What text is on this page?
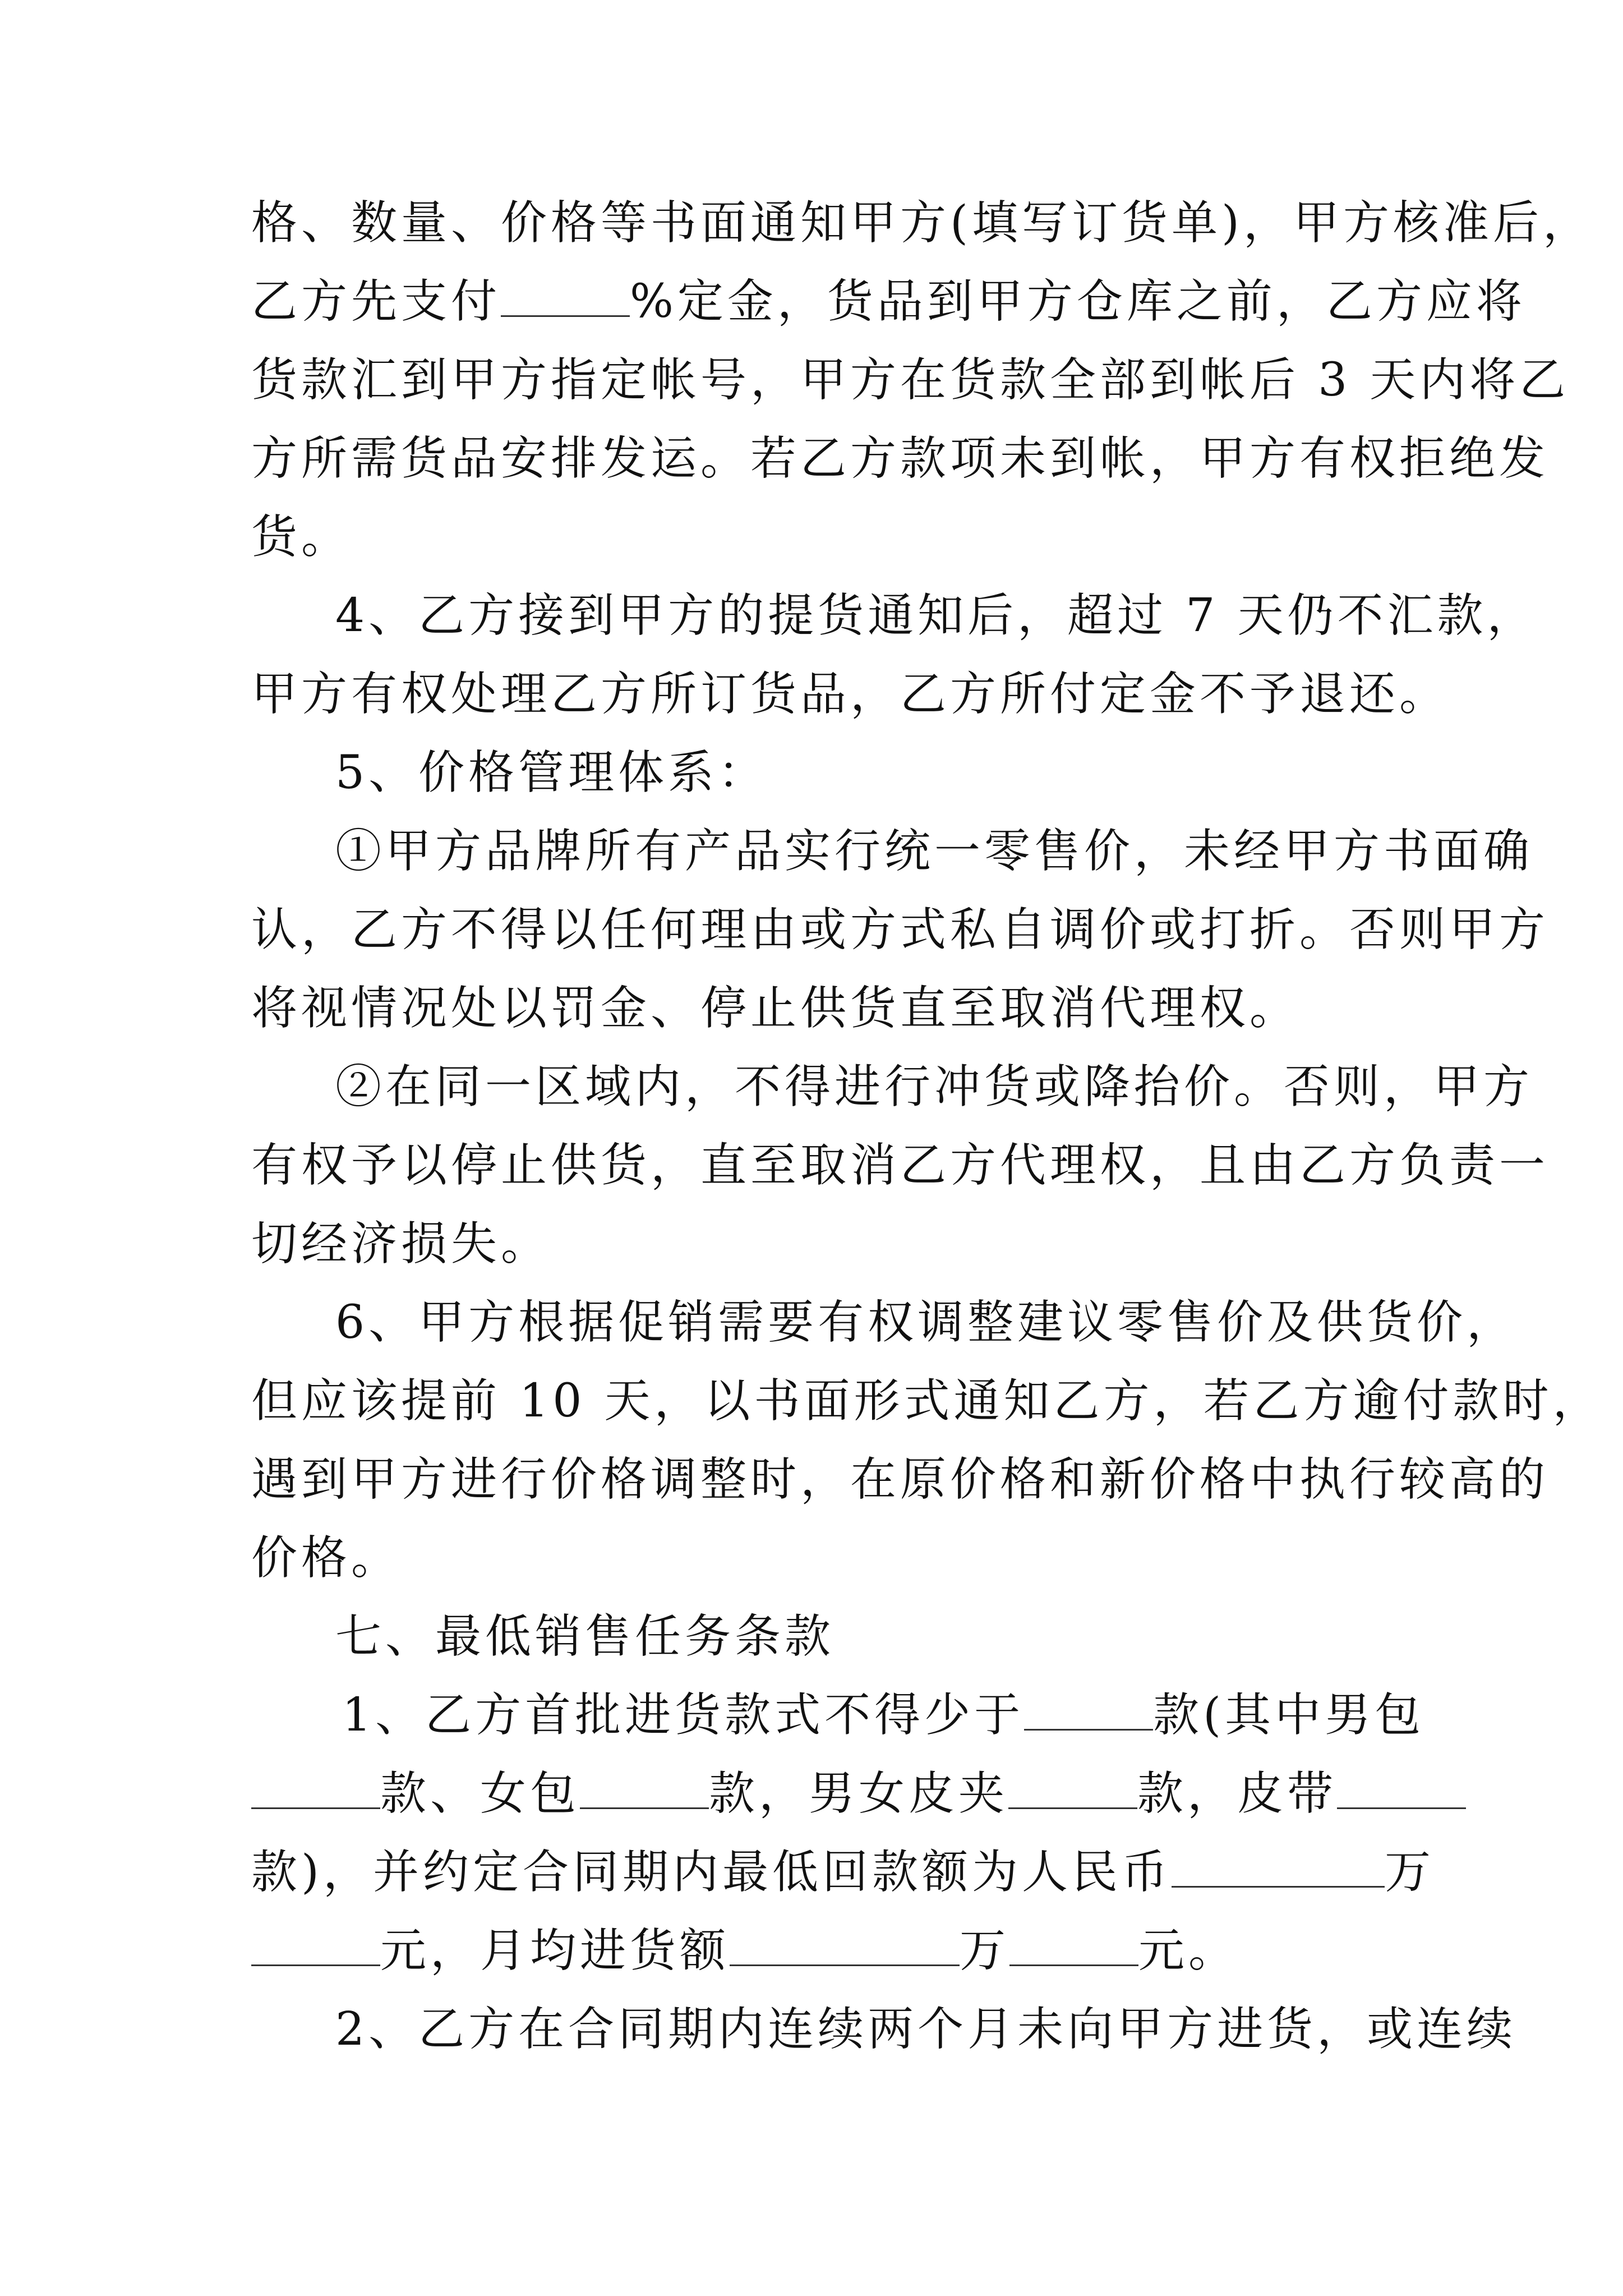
格、数量、价格等书面通知甲方(填写订货单)，甲方核准后，
乙方先支付	%定金，货品到甲方仓库之前，乙方应将
货款汇到甲方指定帐号，甲方在货款全部到帐后 3 天内将乙
方所需货品安排发运。若乙方款项未到帐，甲方有权拒绝发
货。
4、乙方接到甲方的提货通知后，超过 7 天仍不汇款，
甲方有权处理乙方所订货品，乙方所付定金不予退还。
5、价格管理体系：
①甲方品牌所有产品实行统一零售价，未经甲方书面确
认，乙方不得以任何理由或方式私自调价或打折。否则甲方
将视情况处以罚金、停止供货直至取消代理权。
②在同一区域内，不得进行冲货或降抬价。否则，甲方
有权予以停止供货，直至取消乙方代理权，且由乙方负责一
切经济损失。
6、甲方根据促销需要有权调整建议零售价及供货价，
但应该提前 10 天，以书面形式通知乙方，若乙方逾付款时，
遇到甲方进行价格调整时，在原价格和新价格中执行较高的
价格。
七、最低销售任务条款
1、乙方首批进货款式不得少于	款(其中男包
款、女包	款，男女皮夹	款，皮带
款)，并约定合同期内最低回款额为人民币	万
元，月均进货额	万	元。
2、乙方在合同期内连续两个月未向甲方进货，或连续
